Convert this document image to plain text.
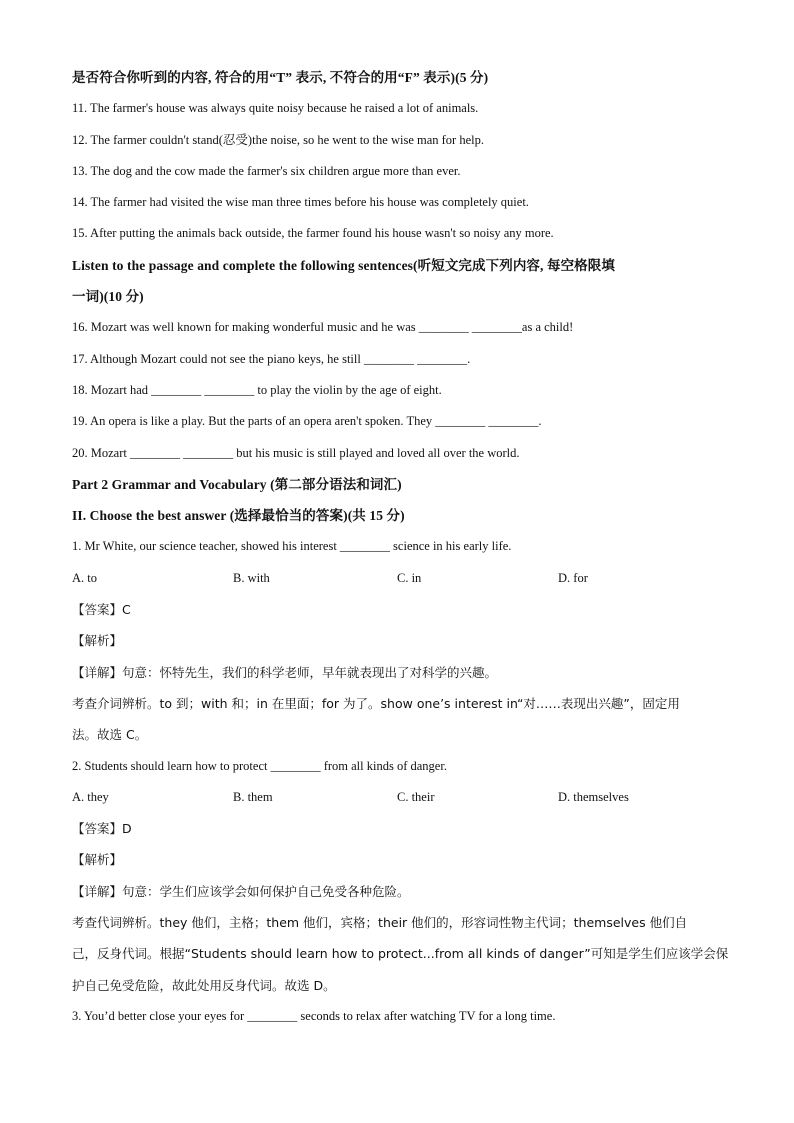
是否符合你听到的内容, 符合的用“T” 表示, 不符合的用“F” 表示)(5 分)
11. The farmer's house was always quite noisy because he raised a lot of animals.
12. The farmer couldn't stand(忍受)the noise, so he went to the wise man for help.
13. The dog and the cow made the farmer's six children argue more than ever.
14. The farmer had visited the wise man three times before his house was completely quiet.
15. After putting the animals back outside, the farmer found his house wasn't so noisy any more.
Listen to the passage and complete the following sentences(听短文完成下列内容, 每空格限填
一词)(10 分)
16. Mozart was well known for making wonderful music and he was ________ ________as a child!
17. Although Mozart could not see the piano keys, he still ________ ________.
18. Mozart had ________ ________ to play the violin by the age of eight.
19. An opera is like a play. But the parts of an opera aren't spoken. They ________ ________.
20. Mozart ________ ________ but his music is still played and loved all over the world.
Part 2 Grammar and Vocabulary (第二部分语法和词汇)
II. Choose the best answer (选择最恰当的答案)(共 15 分)
1. Mr White, our science teacher, showed his interest ________ science in his early life.
A. to	B. with	C. in	D. for
【答案】C
【解析】
【详解】句意：怀特先生，我们的科学老师，早年就表现出了对科学的兴趣。
考查介词辨析。to 到；with 和；in 在里面；for 为了。show one’s interest in“对……表现出兴趣”，固定用
法。故选 C。
2. Students should learn how to protect ________ from all kinds of danger.
A. they	B. them	C. their	D. themselves
【答案】D
【解析】
【详解】句意：学生们应该学会如何保护自己免受各种危险。
考查代词辨析。they 他们，主格；them 他们，宾格；their 他们的，形容词性物主代词；themselves 他们自
己，反身代词。根据“Students should learn how to protect...from all kinds of danger”可知是学生们应该学会保
护自己免受危险，故此处用反身代词。故选 D。
3. You’d better close your eyes for ________ seconds to relax after watching TV for a long time.
